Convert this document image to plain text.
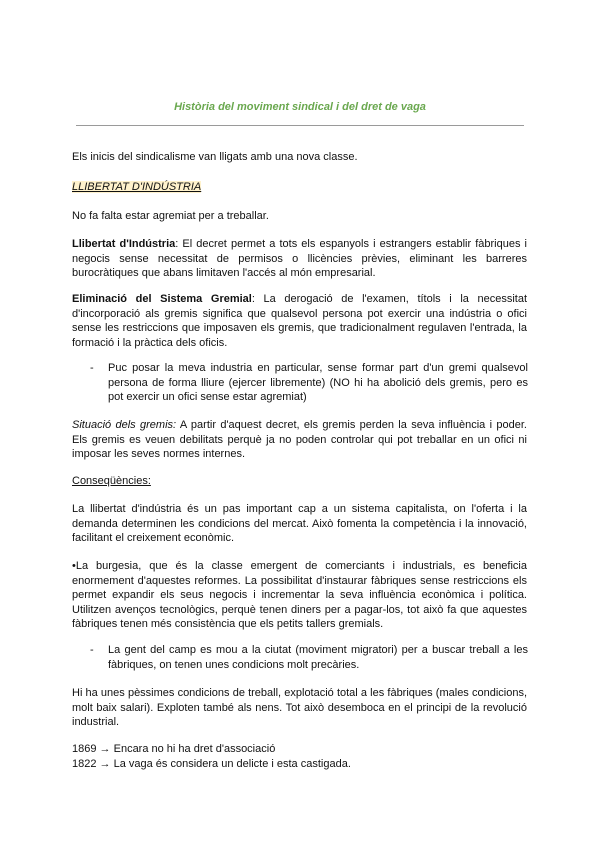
Història del moviment sindical i del dret de vaga
Els inicis del sindicalisme van lligats amb una nova classe.
LLIBERTAT D'INDÚSTRIA
No fa falta estar agremiat per a treballar.
Llibertat d'Indústria: El decret permet a tots els espanyols i estrangers establir fàbriques i negocis sense necessitat de permisos o llicències prèvies, eliminant les barreres burocràtiques que abans limitaven l'accés al món empresarial.
Eliminació del Sistema Gremial: La derogació de l'examen, títols i la necessitat d'incorporació als gremis significa que qualsevol persona pot exercir una indústria o ofici sense les restriccions que imposaven els gremis, que tradicionalment regulaven l'entrada, la formació i la pràctica dels oficis.
- Puc posar la meva industria en particular, sense formar part d'un gremi qualsevol persona de forma lliure (ejercer libremente) (NO hi ha abolició dels gremis, pero es pot exercir un ofici sense estar agremiat)
Situació dels gremis: A partir d'aquest decret, els gremis perden la seva influència i poder. Els gremis es veuen debilitats perquè ja no poden controlar qui pot treballar en un ofici ni imposar les seves normes internes.
Conseqüències:
La llibertat d'indústria és un pas important cap a un sistema capitalista, on l'oferta i la demanda determinen les condicions del mercat. Això fomenta la competència i la innovació, facilitant el creixement econòmic.
•La burgesia, que és la classe emergent de comerciants i industrials, es beneficia enormement d'aquestes reformes. La possibilitat d'instaurar fàbriques sense restriccions els permet expandir els seus negocis i incrementar la seva influència econòmica i política. Utilitzen avenços tecnològics, perquè tenen diners per a pagar-los, tot això fa que aquestes fàbriques tenen més consistència que els petits tallers gremials.
- La gent del camp es mou a la ciutat (moviment migratori) per a buscar treball a les fàbriques, on tenen unes condicions molt precàries.
Hi ha unes pèssimes condicions de treball, explotació total a les fàbriques (males condicions, molt baix salari). Exploten també als nens. Tot això desemboca en el principi de la revolució industrial.
1869 → Encara no hi ha dret d'associació
1822 → La vaga és considera un delicte i esta castigada.
